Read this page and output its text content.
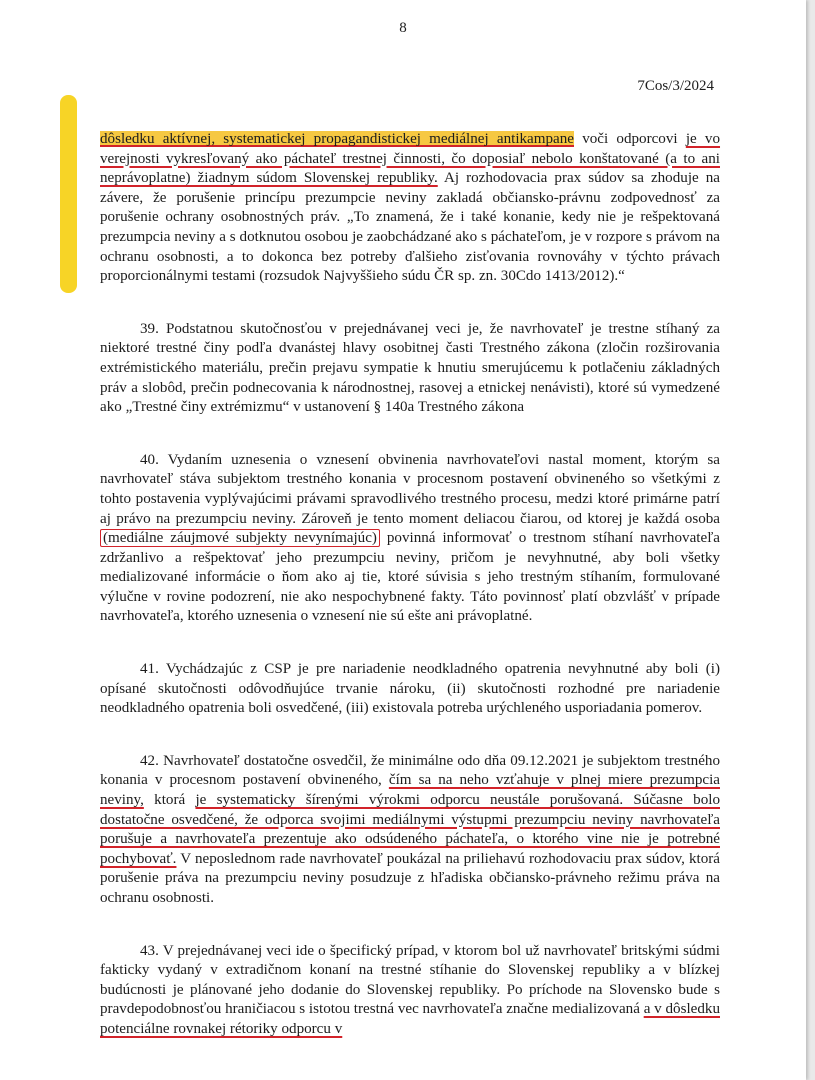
8
7Cos/3/2024

dôsledku aktívnej, systematickej propagandistickej mediálnej antikampane voči odporcovi je vo verejnosti vykresľovaný ako páchateľ trestnej činnosti, čo doposiaľ nebolo konštatované (a to ani neprávoplatne) žiadnym súdom Slovenskej republiky. Aj rozhodovacia prax súdov sa zhoduje na závere, že porušenie princípu prezumpcie neviny zakladá občiansko-právnu zodpovednosť za porušenie ochrany osobnostných práv. „To znamená, že i také konanie, kedy nie je rešpektovaná prezumpcia neviny a s dotknutou osobou je zaobchádzané ako s páchateľom, je v rozpore s právom na ochranu osobnosti, a to dokonca bez potreby ďalšieho zisťovania rovnováhy v týchto právach proporcionálnymi testami (rozsudok Najvyššieho súdu ČR sp. zn. 30Cdo 1413/2012).“

39. Podstatnou skutočnosťou v prejednávanej veci je, že navrhovateľ je trestne stíhaný za niektoré trestné činy podľa dvanástej hlavy osobitnej časti Trestného zákona (zločin rozširovania extrémistického materiálu, prečin prejavu sympatie k hnutiu smerujúcemu k potlačeniu základných práv a slobôd, prečin podnecovania k národnostnej, rasovej a etnickej nenávisti), ktoré sú vymedzené ako „Trestné činy extrémizmu“ v ustanovení § 140a Trestného zákona

40. Vydaním uznesenia o vznesení obvinenia navrhovateľovi nastal moment, ktorým sa navrhovateľ stáva subjektom trestného konania v procesnom postavení obvineného so všetkými z tohto postavenia vyplývajúcimi právami spravodlivého trestného procesu, medzi ktoré primárne patrí aj právo na prezumpciu neviny. Zároveň je tento moment deliacou čiarou, od ktorej je každá osoba (mediálne záujmové subjekty nevynímajúc) povinná informovať o trestnom stíhaní navrhovateľa zdržanlivo a rešpektovať jeho prezumpciu neviny, pričom je nevyhnutné, aby boli všetky medializované informácie o ňom ako aj tie, ktoré súvisia s jeho trestným stíhaním, formulované výlučne v rovine podozrení, nie ako nespochybnené fakty. Táto povinnosť platí obzvlášť v prípade navrhovateľa, ktorého uznesenia o vznesení nie sú ešte ani právoplatné.

41. Vychádzajúc z CSP je pre nariadenie neodkladného opatrenia nevyhnutné aby boli (i) opísané skutočnosti odôvodňujúce trvanie nároku, (ii) skutočnosti rozhodné pre nariadenie neodkladného opatrenia boli osvedčené, (iii) existovala potreba urýchleného usporiadania pomerov.

42. Navrhovateľ dostatočne osvedčil, že minimálne odo dňa 09.12.2021 je subjektom trestného konania v procesnom postavení obvineného, čím sa na neho vzťahuje v plnej miere prezumpcia neviny, ktorá je systematicky šírenými výrokmi odporcu neustále porušovaná. Súčasne bolo dostatočne osvedčené, že odporca svojimi mediálnymi výstupmi prezumpciu neviny navrhovateľa porušuje a navrhovateľa prezentuje ako odsúdeného páchateľa, o ktorého vine nie je potrebné pochybovať. V neposlednom rade navrhovateľ poukázal na priliehavú rozhodovaciu prax súdov, ktorá porušenie práva na prezumpciu neviny posudzuje z hľadiska občiansko-právneho režimu práva na ochranu osobnosti.

43. V prejednávanej veci ide o špecifický prípad, v ktorom bol už navrhovateľ britskými súdmi fakticky vydaný v extradičnom konaní na trestné stíhanie do Slovenskej republiky a v blízkej budúcnosti je plánované jeho dodanie do Slovenskej republiky. Po príchode na Slovensko bude s pravdepodobnosťou hraničiacou s istotou trestná vec navrhovateľa značne medializovaná a v dôsledku potenciálne rovnakej rétoriky odporcu v
